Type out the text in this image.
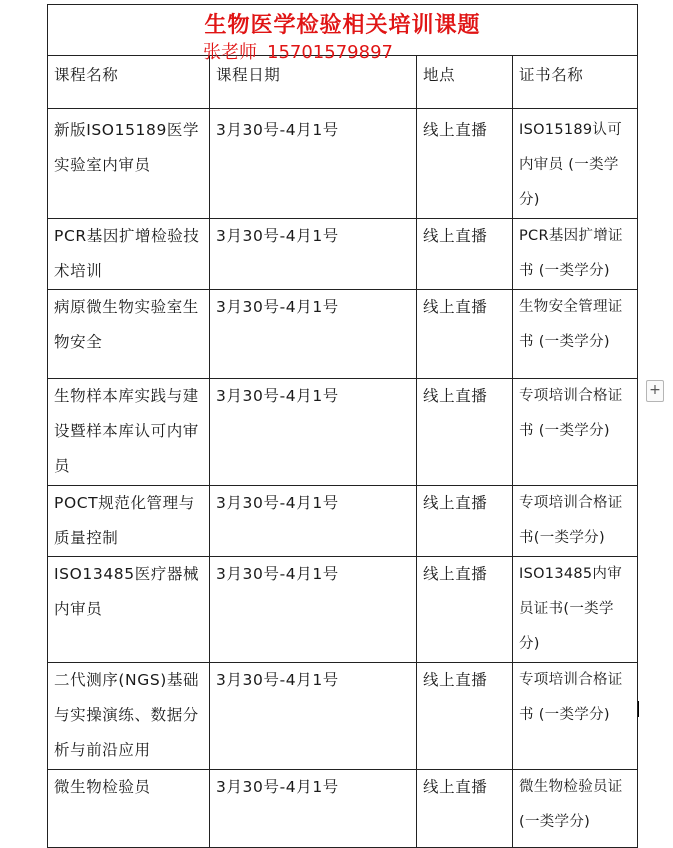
生物医学检验相关培训课题
张老师 15701579897			

课程名称	课程日期	地点	证书名称

新版ISO15189医学实验室内审员	3月30号-4月1号	线上直播	ISO15189认可内审员 (一类学分)

PCR基因扩增检验技术培训	3月30号-4月1号	线上直播	PCR基因扩增证书 (一类学分)

病原微生物实验室生物安全	3月30号-4月1号	线上直播	生物安全管理证书 (一类学分)

生物样本库实践与建设暨样本库认可内审员	3月30号-4月1号	线上直播	专项培训合格证书 (一类学分)

POCT规范化管理与质量控制	3月30号-4月1号	线上直播	专项培训合格证书(一类学分)

ISO13485医疗器械内审员	3月30号-4月1号	线上直播	ISO13485内审员证书(一类学分)

二代测序(NGS)基础与实操演练、数据分析与前沿应用	3月30号-4月1号	线上直播	专项培训合格证书 (一类学分)

微生物检验员	3月30号-4月1号	线上直播	微生物检验员证 (一类学分)
+
